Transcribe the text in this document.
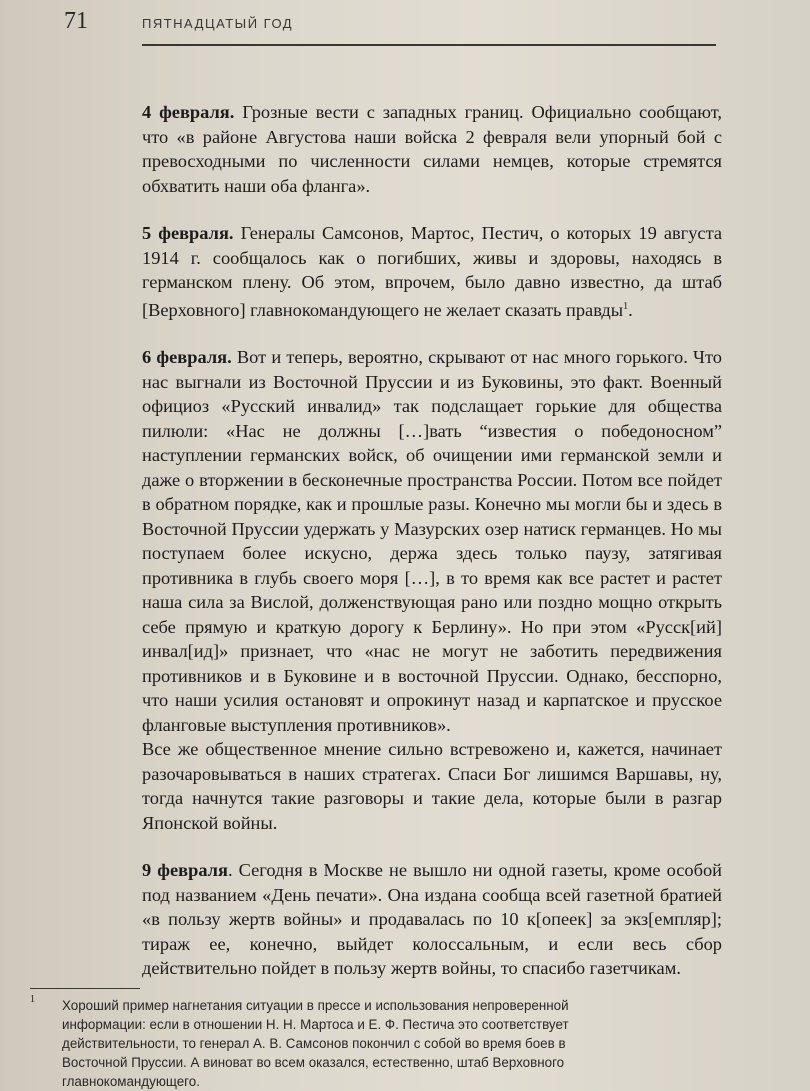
71	ПЯТНАДЦАТЫЙ ГОД

4 февраля. Грозные вести с западных границ. Официально сообщают, что «в районе Августова наши войска 2 февраля вели упорный бой с превосходными по численности силами немцев, которые стремятся обхватить наши оба фланга».

5 февраля. Генералы Самсонов, Мартос, Пестич, о которых 19 августа 1914 г. сообщалось как о погибших, живы и здоровы, находясь в германском плену. Об этом, впрочем, было давно известно, да штаб [Верховного] главнокомандующего не желает сказать правды$^1$.

6 февраля. Вот и теперь, вероятно, скрывают от нас много горького. Что нас выгнали из Восточной Пруссии и из Буковины, это факт. Военный официоз «Русский инвалид» так подслащает горькие для общества пилюли: «Нас не должны […]вать “известия о победоносном” наступлении германских войск, об очищении ими германской земли и даже о вторжении в бесконечные пространства России. Потом все пойдет в обратном порядке, как и прошлые разы. Конечно мы могли бы и здесь в Восточной Пруссии удержать у Мазурских озер натиск германцев. Но мы поступаем более искусно, держа здесь только паузу, затягивая противника в глубь своего моря […], в то время как все растет и растет наша сила за Вислой, долженствующая рано или поздно мощно открыть себе прямую и краткую дорогу к Берлину». Но при этом «Русск[ий] инвал[ид]» признает, что «нас не могут не заботить передвижения противников и в Буковине и в восточной Пруссии. Однако, бесспорно, что наши усилия остановят и опрокинут назад и карпатское и прусское фланговые выступления противников».

Все же общественное мнение сильно встревожено и, кажется, начинает разочаровываться в наших стратегах. Спаси Бог лишимся Варшавы, ну, тогда начнутся такие разговоры и такие дела, которые были в разгар Японской войны.

9 февраля. Сегодня в Москве не вышло ни одной газеты, кроме особой под названием «День печати». Она издана сообща всей газетной братией «в пользу жертв войны» и продавалась по 10 к[опеек] за экз[емпляр]; тираж ее, конечно, выйдет колоссальным, и если весь сбор действительно пойдет в пользу жертв войны, то спасибо газетчикам.

1 Хороший пример нагнетания ситуации в прессе и использования непроверенной информации: если в отношении Н. Н. Мартоса и Е. Ф. Пестича это соответствует действительности, то генерал А. В. Самсонов покончил с собой во время боев в Восточной Пруссии. А виноват во всем оказался, естественно, штаб Верховного главнокомандующего.
